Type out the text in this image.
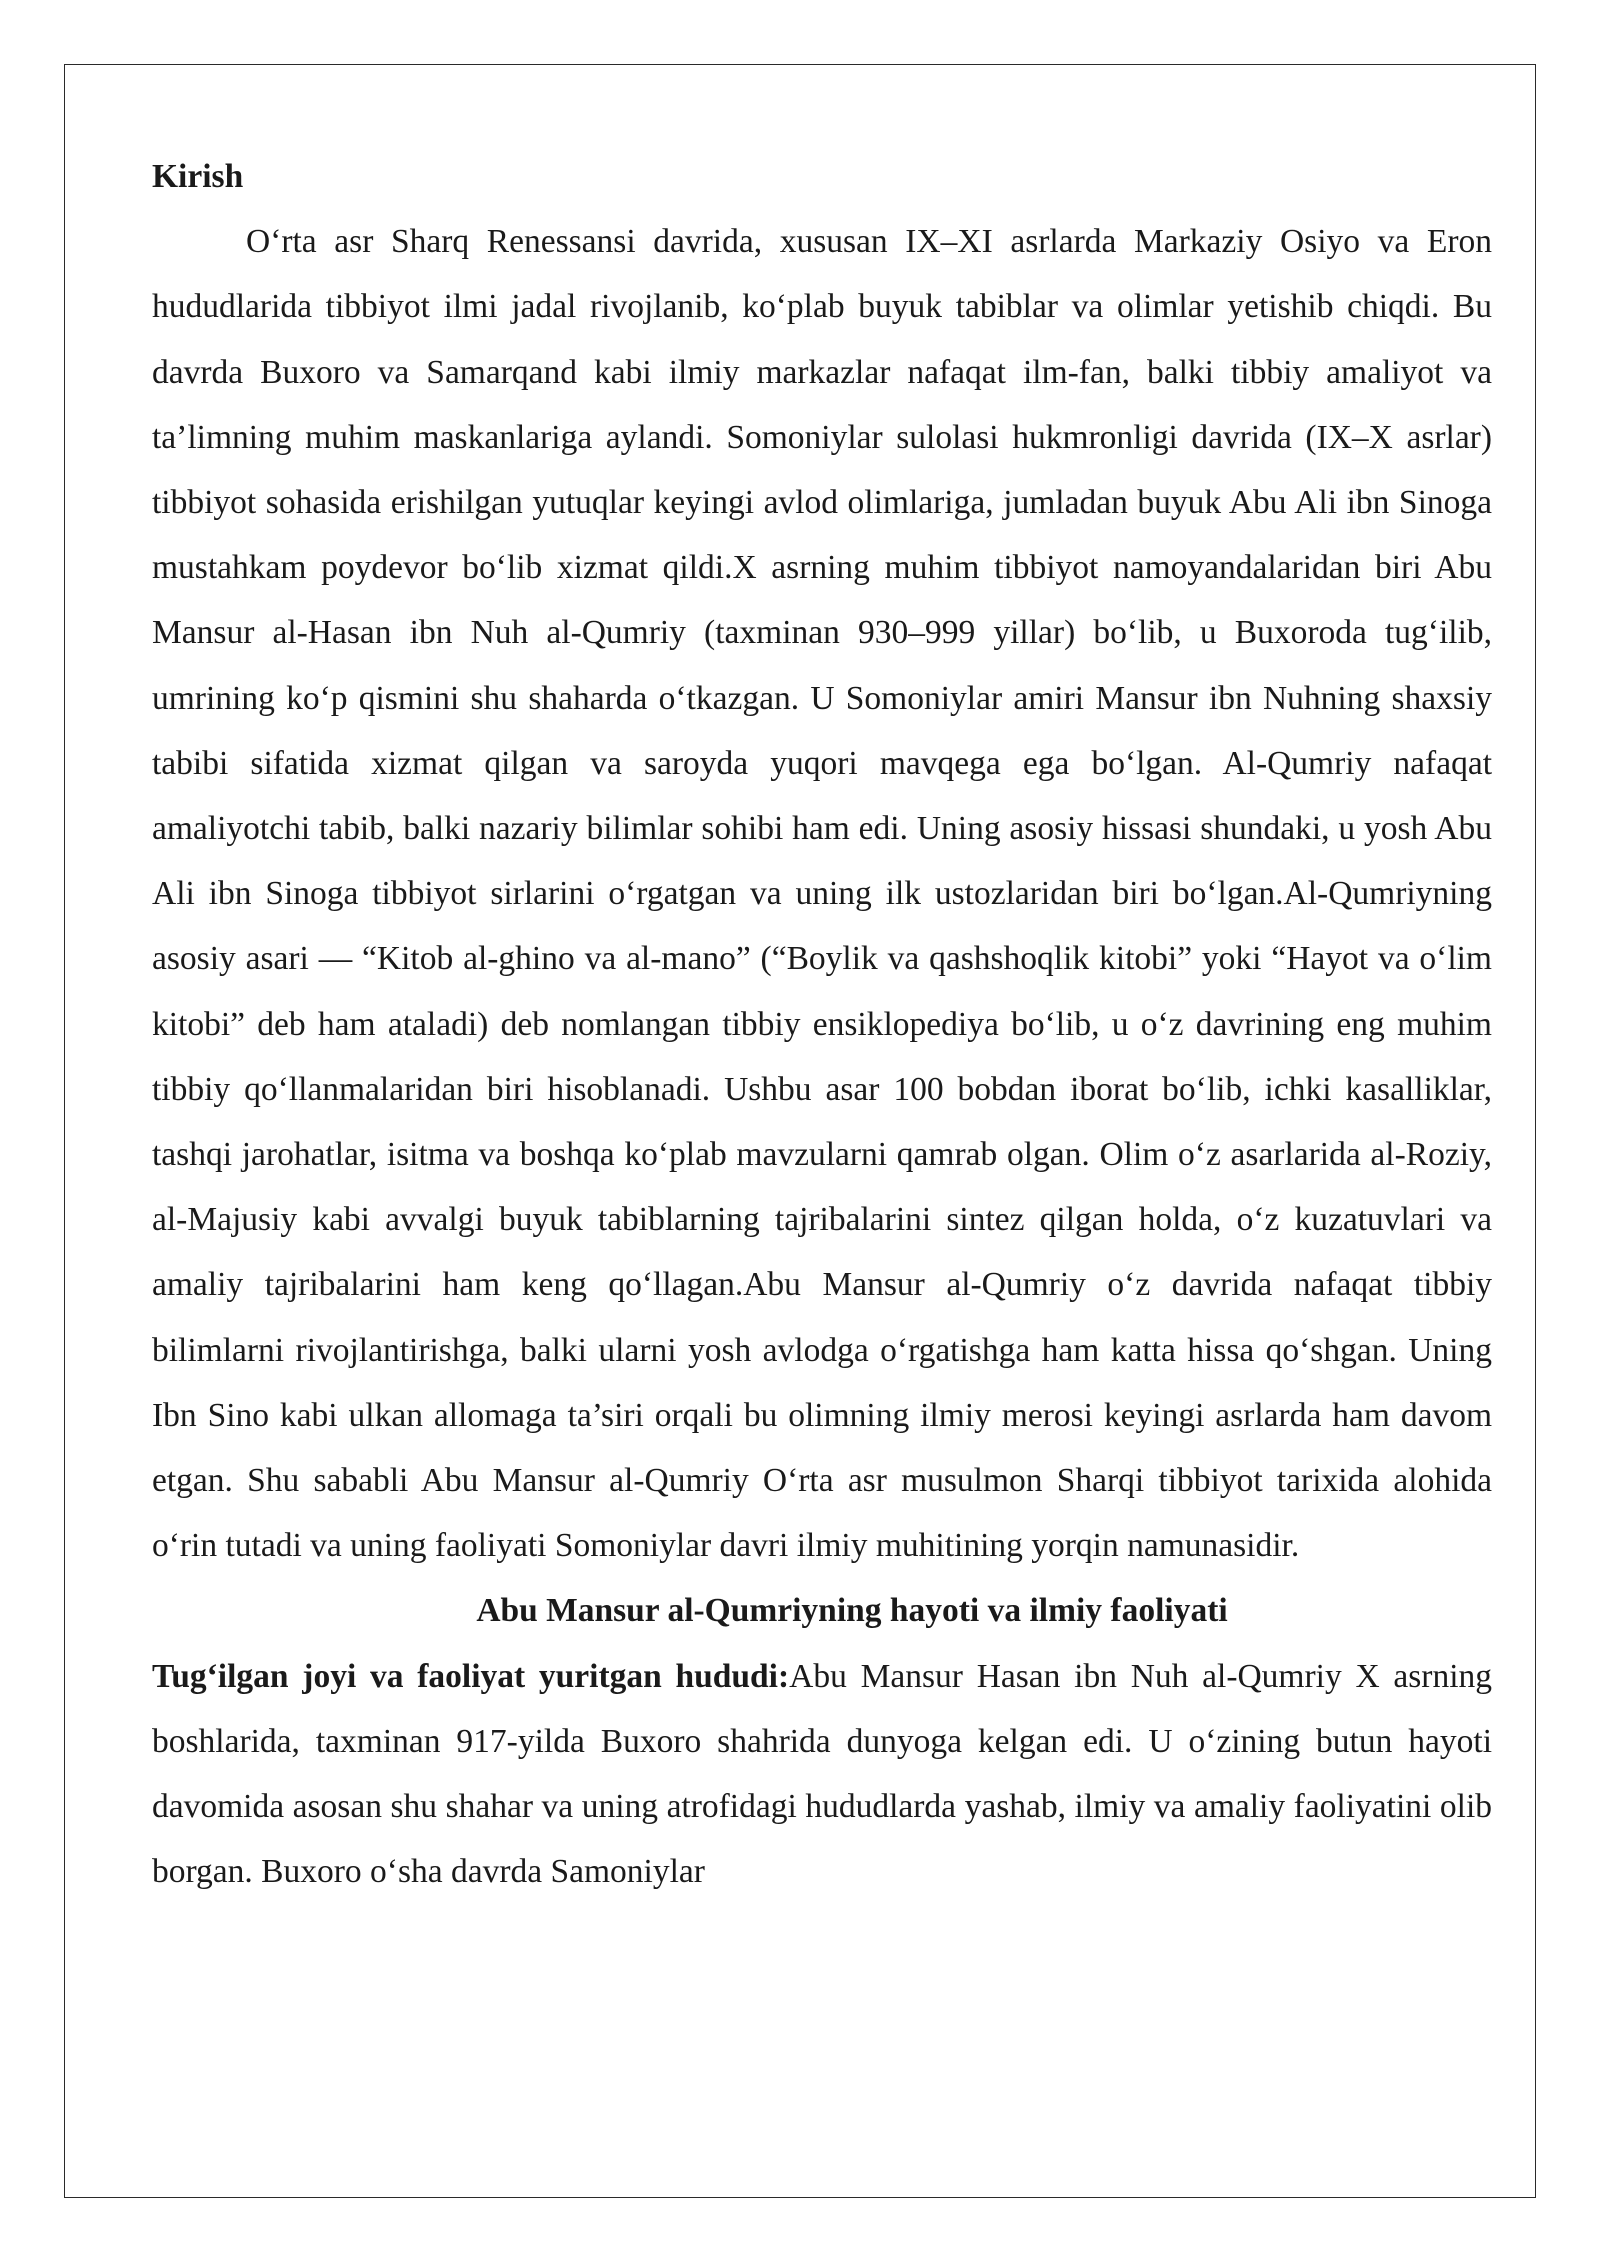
Kirish

O‘rta asr Sharq Renessansi davrida, xususan IX–XI asrlarda Markaziy Osiyo va Eron hududlarida tibbiyot ilmi jadal rivojlanib, ko‘plab buyuk tabiblar va olimlar yetishib chiqdi. Bu davrda Buxoro va Samarqand kabi ilmiy markazlar nafaqat ilm-fan, balki tibbiy amaliyot va ta’limning muhim maskanlariga aylandi. Somoniylar sulolasi hukmronligi davrida (IX–X asrlar) tibbiyot sohasida erishilgan yutuqlar keyingi avlod olimlariga, jumladan buyuk Abu Ali ibn Sinoga mustahkam poydevor bo‘lib xizmat qildi.X asrning muhim tibbiyot namoyandalaridan biri Abu Mansur al-Hasan ibn Nuh al-Qumriy (taxminan 930–999 yillar) bo‘lib, u Buxoroda tug‘ilib, umrining ko‘p qismini shu shaharda o‘tkazgan. U Somoniylar amiri Mansur ibn Nuhning shaxsiy tabibi sifatida xizmat qilgan va saroyda yuqori mavqega ega bo‘lgan. Al-Qumriy nafaqat amaliyotchi tabib, balki nazariy bilimlar sohibi ham edi. Uning asosiy hissasi shundaki, u yosh Abu Ali ibn Sinoga tibbiyot sirlarini o‘rgatgan va uning ilk ustozlaridan biri bo‘lgan.Al-Qumriyning asosiy asari — “Kitob al-ghino va al-mano” (“Boylik va qashshoqlik kitobi” yoki “Hayot va o‘lim kitobi” deb ham ataladi) deb nomlangan tibbiy ensiklopediya bo‘lib, u o‘z davrining eng muhim tibbiy qo‘llanmalaridan biri hisoblanadi. Ushbu asar 100 bobdan iborat bo‘lib, ichki kasalliklar, tashqi jarohatlar, isitma va boshqa ko‘plab mavzularni qamrab olgan. Olim o‘z asarlarida al-Roziy, al-Majusiy kabi avvalgi buyuk tabiblarning tajribalarini sintez qilgan holda, o‘z kuzatuvlari va amaliy tajribalarini ham keng qo‘llagan.Abu Mansur al-Qumriy o‘z davrida nafaqat tibbiy bilimlarni rivojlantirishga, balki ularni yosh avlodga o‘rgatishga ham katta hissa qo‘shgan. Uning Ibn Sino kabi ulkan allomaga ta’siri orqali bu olimning ilmiy merosi keyingi asrlarda ham davom etgan. Shu sababli Abu Mansur al-Qumriy O‘rta asr musulmon Sharqi tibbiyot tarixida alohida o‘rin tutadi va uning faoliyati Somoniylar davri ilmiy muhitining yorqin namunasidir.

Abu Mansur al-Qumriyning hayoti va ilmiy faoliyati

Tug‘ilgan joyi va faoliyat yuritgan hududi:Abu Mansur Hasan ibn Nuh al-Qumriy X asrning boshlarida, taxminan 917-yilda Buxoro shahrida dunyoga kelgan edi. U o‘zining butun hayoti davomida asosan shu shahar va uning atrofidagi hududlarda yashab, ilmiy va amaliy faoliyatini olib borgan. Buxoro o‘sha davrda Samoniylar
